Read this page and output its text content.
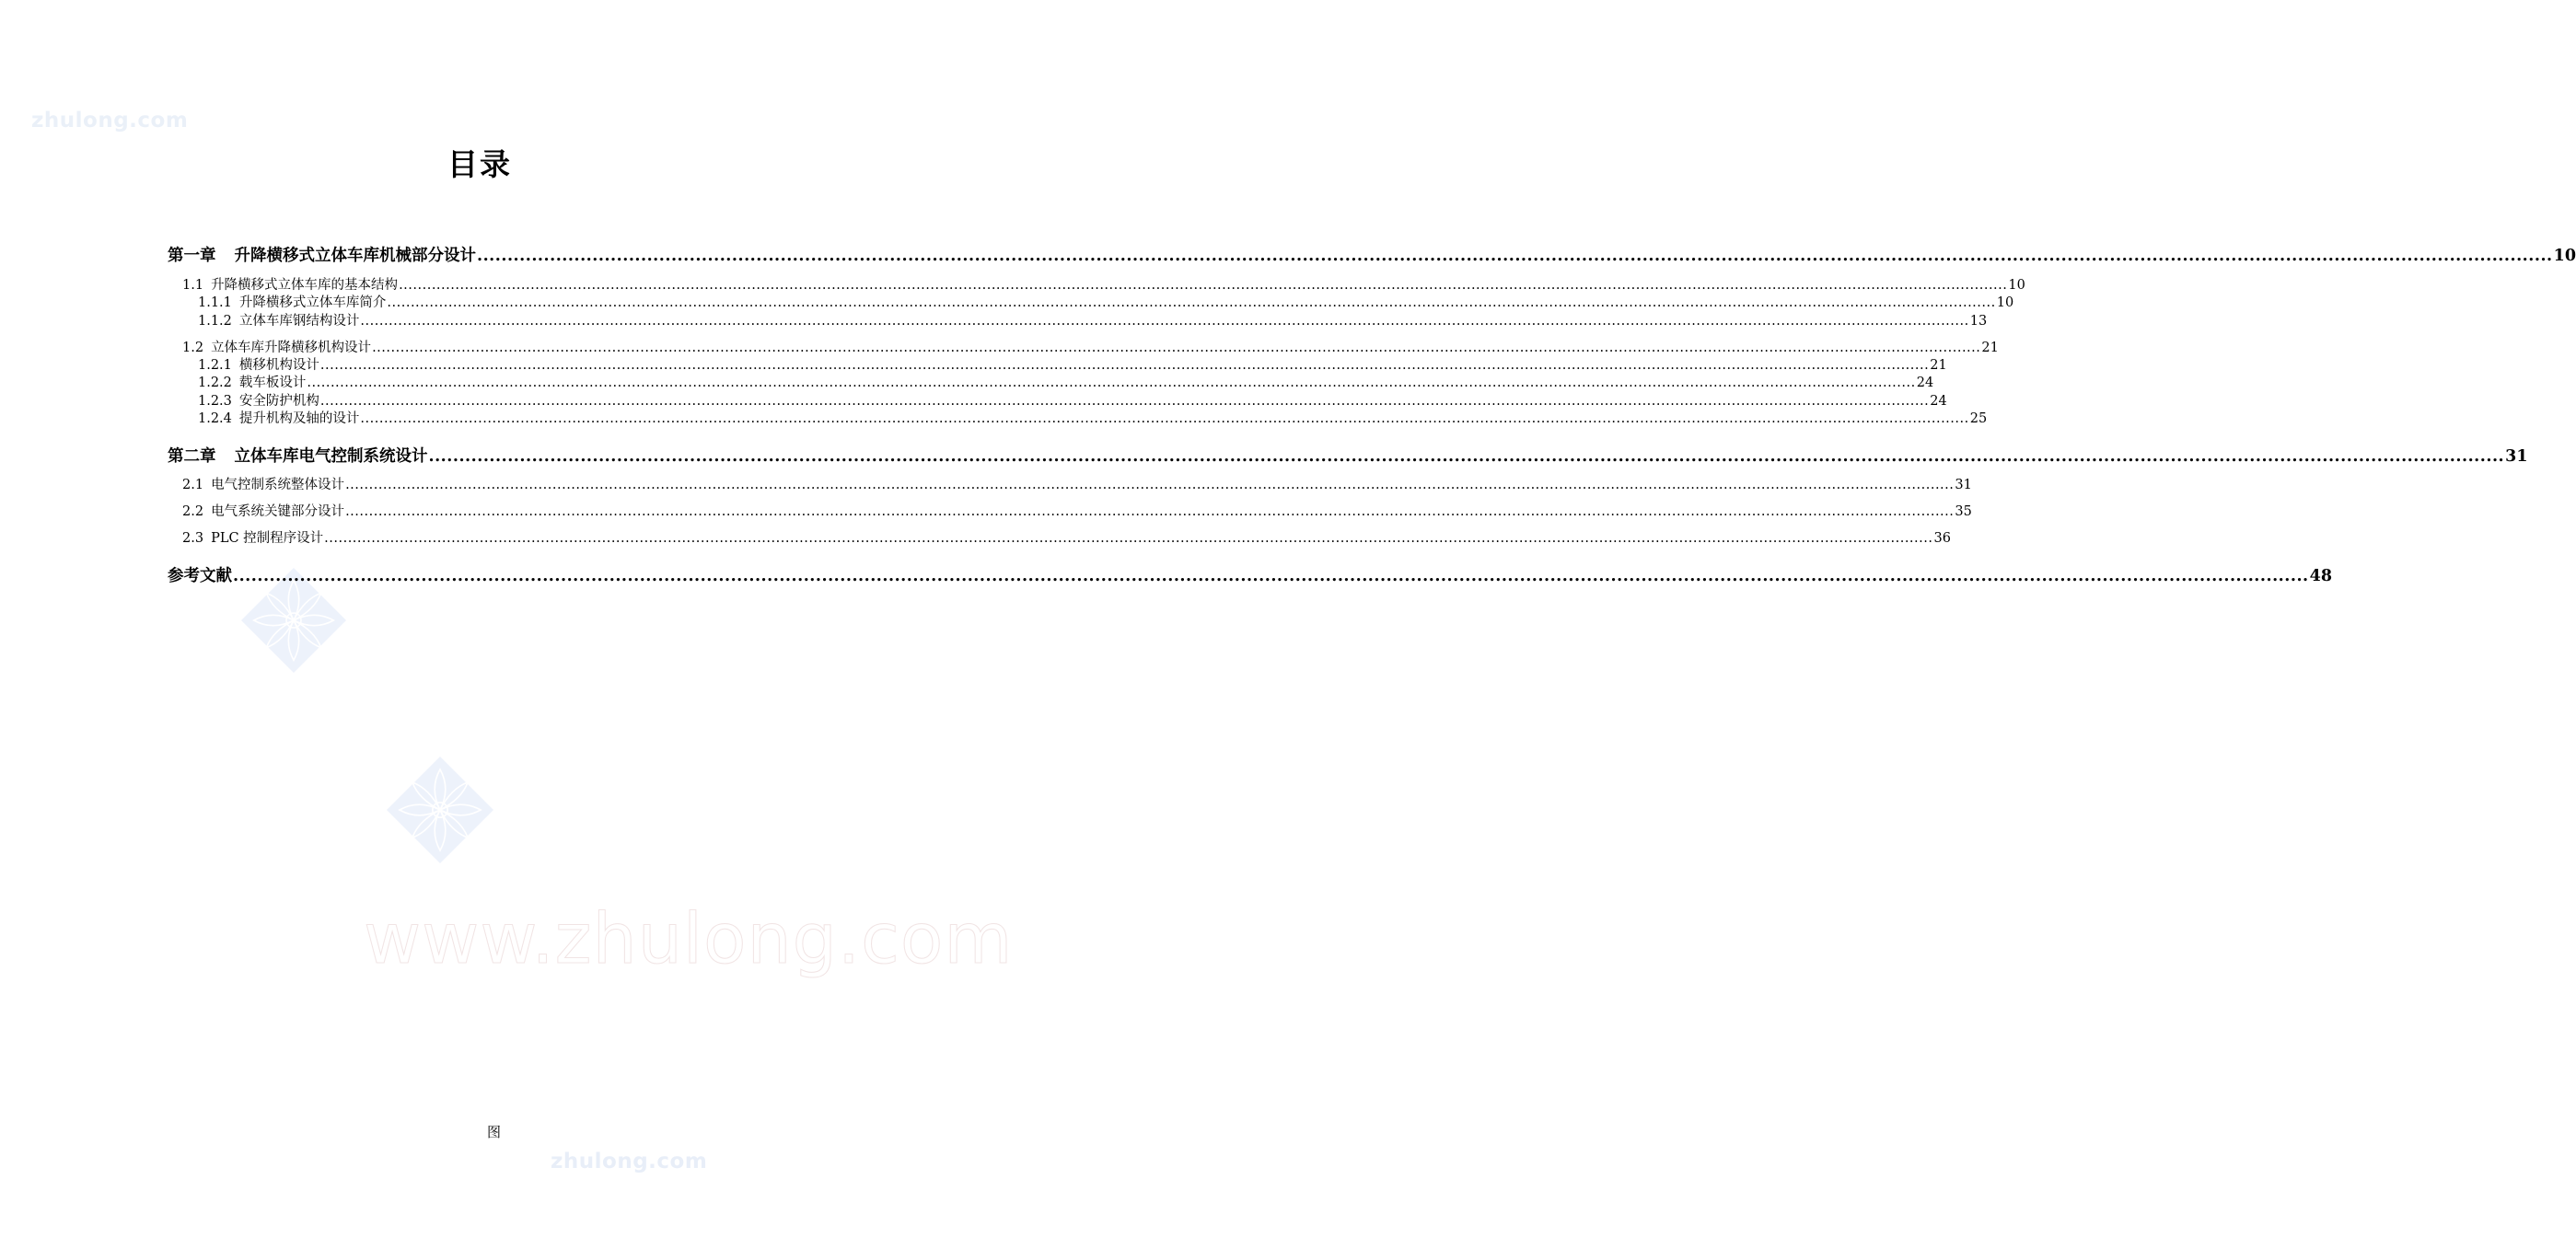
zhulong.com
www.zhulong.com
zhulong.com
目录
第一章 升降横移式立体车库机械部分设计 .....	10
1.1 升降横移式立体车库的基本结构 .....	10
1.1.1 升降横移式立体车库简介 .....	10
1.1.2 立体车库钢结构设计 .....	13
1.2 立体车库升降横移机构设计 .....	21
1.2.1 横移机构设计 .....	21
1.2.2 载车板设计 .....	24
1.2.3 安全防护机构 .....	24
1.2.4 提升机构及轴的设计 .....	25
第二章 立体车库电气控制系统设计 .....	31
2.1 电气控制系统整体设计 .....	31
2.2 电气系统关键部分设计 .....	35
2.3 PLC 控制程序设计 .....	36
参考文献 .....	48
图
